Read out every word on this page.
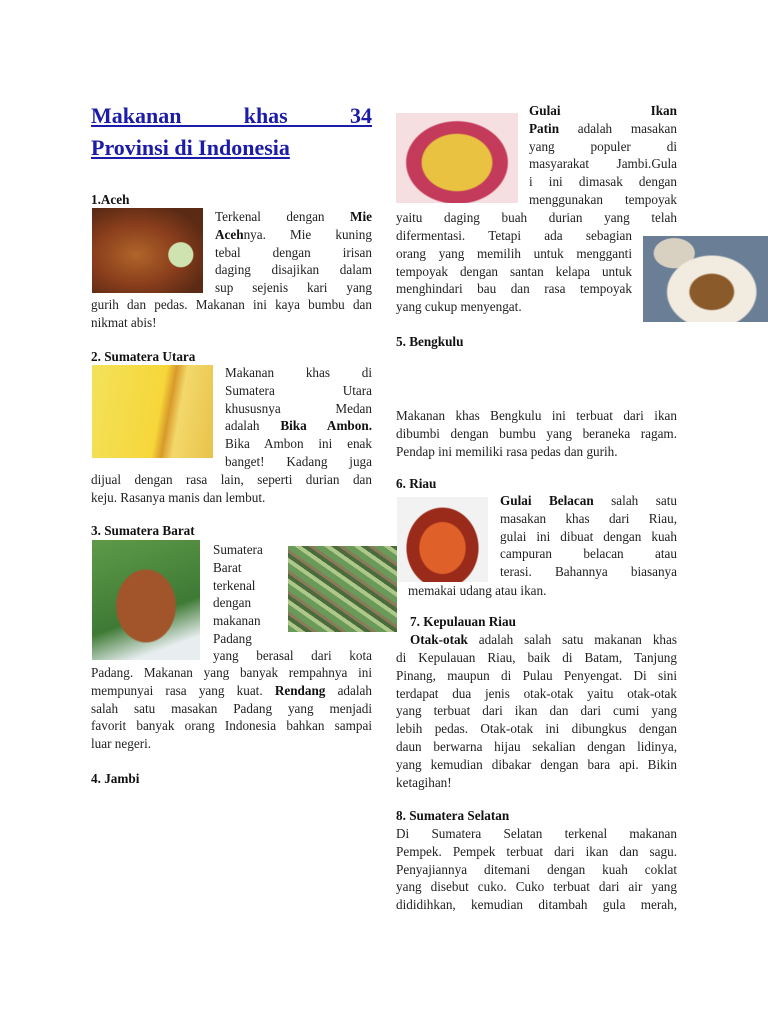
Makanan khas 34
Provinsi di Indonesia
1.Aceh
Terkenal dengan Mie
Acehnya. Mie kuning
tebal dengan irisan
daging disajikan dalam
sup sejenis kari yang
gurih dan pedas. Makanan ini kaya bumbu dan
nikmat abis!
2. Sumatera Utara
Makanan khas di
Sumatera Utara
khususnya Medan
adalah Bika Ambon.
Bika Ambon ini enak
banget! Kadang juga
dijual dengan rasa lain, seperti durian dan
keju. Rasanya manis dan lembut.
3. Sumatera Barat
Sumatera
Barat
terkenal
dengan
makanan
Padang
yang berasal dari kota
Padang. Makanan yang banyak rempahnya ini
mempunyai rasa yang kuat. Rendang adalah
salah satu masakan Padang yang menjadi
favorit banyak orang Indonesia bahkan sampai
luar negeri.
4. Jambi
Gulai Ikan
Patin adalah masakan
yang populer di
masyarakat Jambi.Gula
i ini dimasak dengan
menggunakan tempoyak
yaitu daging buah durian yang telah
difermentasi. Tetapi ada sebagian
orang yang memilih untuk mengganti
tempoyak dengan santan kelapa untuk
menghindari bau dan rasa tempoyak
yang cukup menyengat.
5. Bengkulu
Makanan khas Bengkulu ini terbuat dari ikan
dibumbi dengan bumbu yang beraneka ragam.
Pendap ini memiliki rasa pedas dan gurih.
6. Riau
Gulai Belacan salah satu
masakan khas dari Riau,
gulai ini dibuat dengan kuah
campuran belacan atau
terasi. Bahannya biasanya
memakai udang atau ikan.
7. Kepulauan Riau
Otak-otak adalah salah satu makanan khas
di Kepulauan Riau, baik di Batam, Tanjung
Pinang, maupun di Pulau Penyengat. Di sini
terdapat dua jenis otak-otak yaitu otak-otak
yang terbuat dari ikan dan dari cumi yang
lebih pedas. Otak-otak ini dibungkus dengan
daun berwarna hijau sekalian dengan lidinya,
yang kemudian dibakar dengan bara api. Bikin
ketagihan!
8. Sumatera Selatan
Di Sumatera Selatan terkenal makanan
Pempek. Pempek terbuat dari ikan dan sagu.
Penyajiannya ditemani dengan kuah coklat
yang disebut cuko. Cuko terbuat dari air yang
dididihkan, kemudian ditambah gula merah,
